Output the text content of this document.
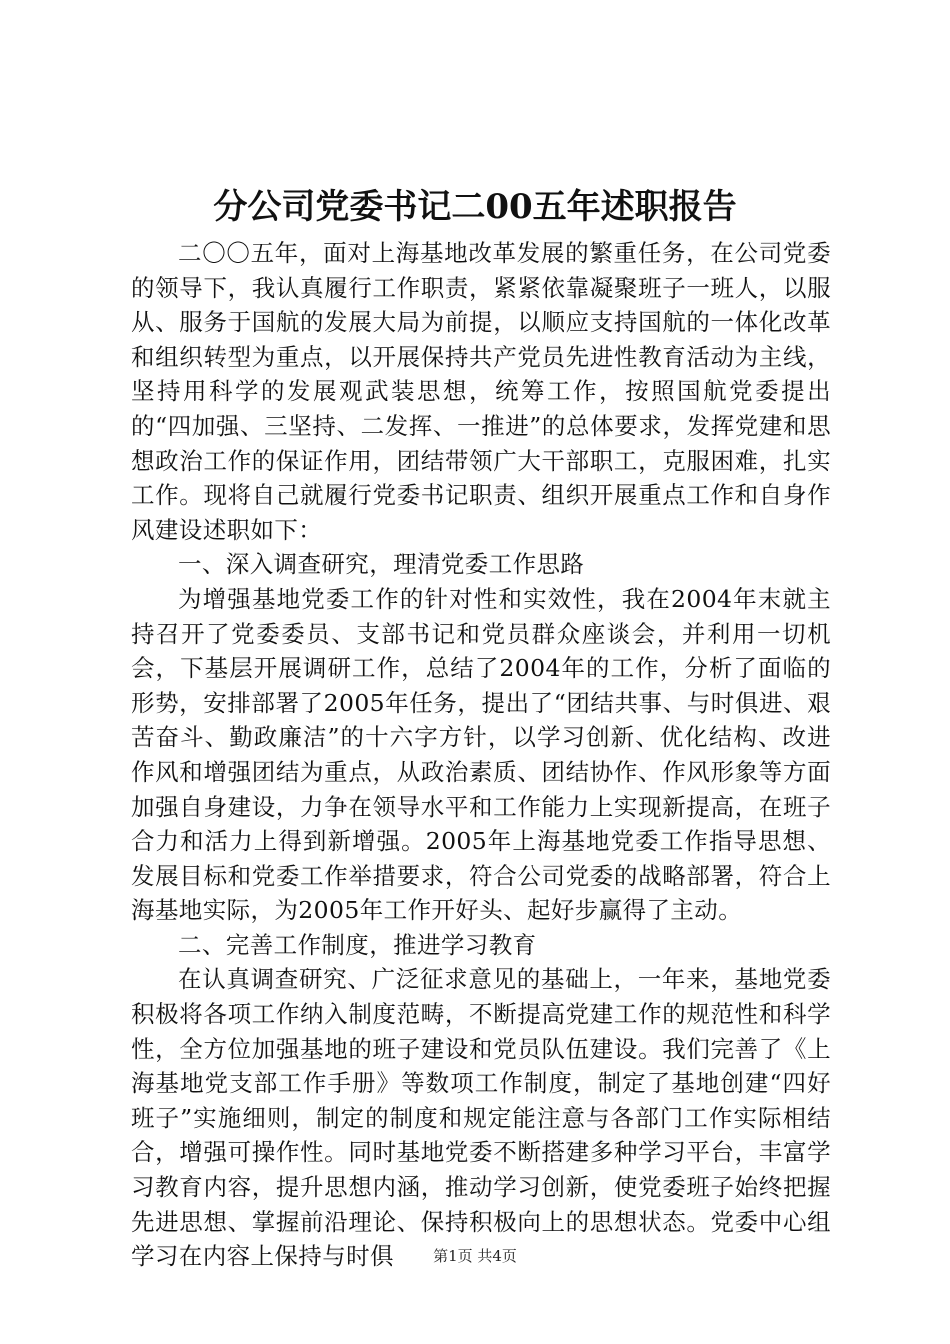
分公司党委书记二00五年述职报告

二〇〇五年，面对上海基地改革发展的繁重任务，在公司党委的领导下，我认真履行工作职责，紧紧依靠凝聚班子一班人，以服从、服务于国航的发展大局为前提，以顺应支持国航的一体化改革和组织转型为重点，以开展保持共产党员先进性教育活动为主线，坚持用科学的发展观武装思想，统筹工作，按照国航党委提出的“四加强、三坚持、二发挥、一推进”的总体要求，发挥党建和思想政治工作的保证作用，团结带领广大干部职工，克服困难，扎实工作。现将自己就履行党委书记职责、组织开展重点工作和自身作风建设述职如下：

一、深入调查研究，理清党委工作思路

为增强基地党委工作的针对性和实效性，我在2004年末就主持召开了党委委员、支部书记和党员群众座谈会，并利用一切机会，下基层开展调研工作，总结了2004年的工作，分析了面临的形势，安排部署了2005年任务，提出了“团结共事、与时俱进、艰苦奋斗、勤政廉洁”的十六字方针，以学习创新、优化结构、改进作风和增强团结为重点，从政治素质、团结协作、作风形象等方面加强自身建设，力争在领导水平和工作能力上实现新提高，在班子合力和活力上得到新增强。2005年上海基地党委工作指导思想、发展目标和党委工作举措要求，符合公司党委的战略部署，符合上海基地实际，为2005年工作开好头、起好步赢得了主动。

二、完善工作制度，推进学习教育

在认真调查研究、广泛征求意见的基础上，一年来，基地党委积极将各项工作纳入制度范畴，不断提高党建工作的规范性和科学性，全方位加强基地的班子建设和党员队伍建设。我们完善了《上海基地党支部工作手册》等数项工作制度，制定了基地创建“四好班子”实施细则，制定的制度和规定能注意与各部门工作实际相结合，增强可操作性。同时基地党委不断搭建多种学习平台，丰富学习教育内容，提升思想内涵，推动学习创新，使党委班子始终把握先进思想、掌握前沿理论、保持积极向上的思想状态。党委中心组学习在内容上保持与时俱	第1页 共4页
